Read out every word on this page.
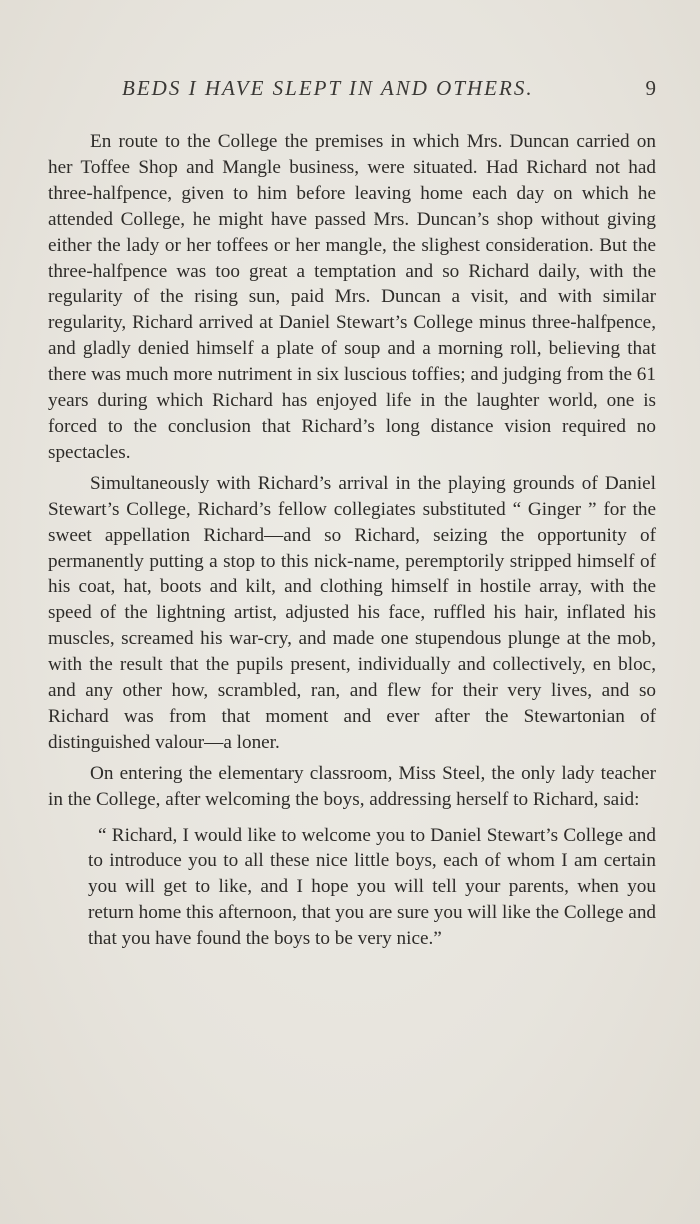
BEDS I HAVE SLEPT IN AND OTHERS.	9

En route to the College the premises in which Mrs. Duncan carried on her Toffee Shop and Mangle business, were situated. Had Richard not had three-halfpence, given to him before leaving home each day on which he attended College, he might have passed Mrs. Duncan’s shop without giving either the lady or her toffees or her mangle, the slighest consideration. But the three-halfpence was too great a temptation and so Richard daily, with the regularity of the rising sun, paid Mrs. Duncan a visit, and with similar regularity, Richard arrived at Daniel Stewart’s College minus three-halfpence, and gladly denied himself a plate of soup and a morning roll, believing that there was much more nutriment in six luscious toffies; and judging from the 61 years during which Richard has enjoyed life in the laughter world, one is forced to the conclusion that Richard’s long distance vision required no spectacles.

Simultaneously with Richard’s arrival in the playing grounds of Daniel Stewart’s College, Richard’s fellow collegiates substituted “ Ginger ” for the sweet appellation Richard—and so Richard, seizing the opportunity of permanently putting a stop to this nick-name, peremptorily stripped himself of his coat, hat, boots and kilt, and clothing himself in hostile array, with the speed of the lightning artist, adjusted his face, ruffled his hair, inflated his muscles, screamed his war-cry, and made one stupendous plunge at the mob, with the result that the pupils present, individually and collectively, en bloc, and any other how, scrambled, ran, and flew for their very lives, and so Richard was from that moment and ever after the Stewartonian of distinguished valour—a loner.

On entering the elementary classroom, Miss Steel, the only lady teacher in the College, after welcoming the boys, addressing herself to Richard, said:

“ Richard, I would like to welcome you to Daniel Stewart’s College and to introduce you to all these nice little boys, each of whom I am certain you will get to like, and I hope you will tell your parents, when you return home this afternoon, that you are sure you will like the College and that you have found the boys to be very nice.”
